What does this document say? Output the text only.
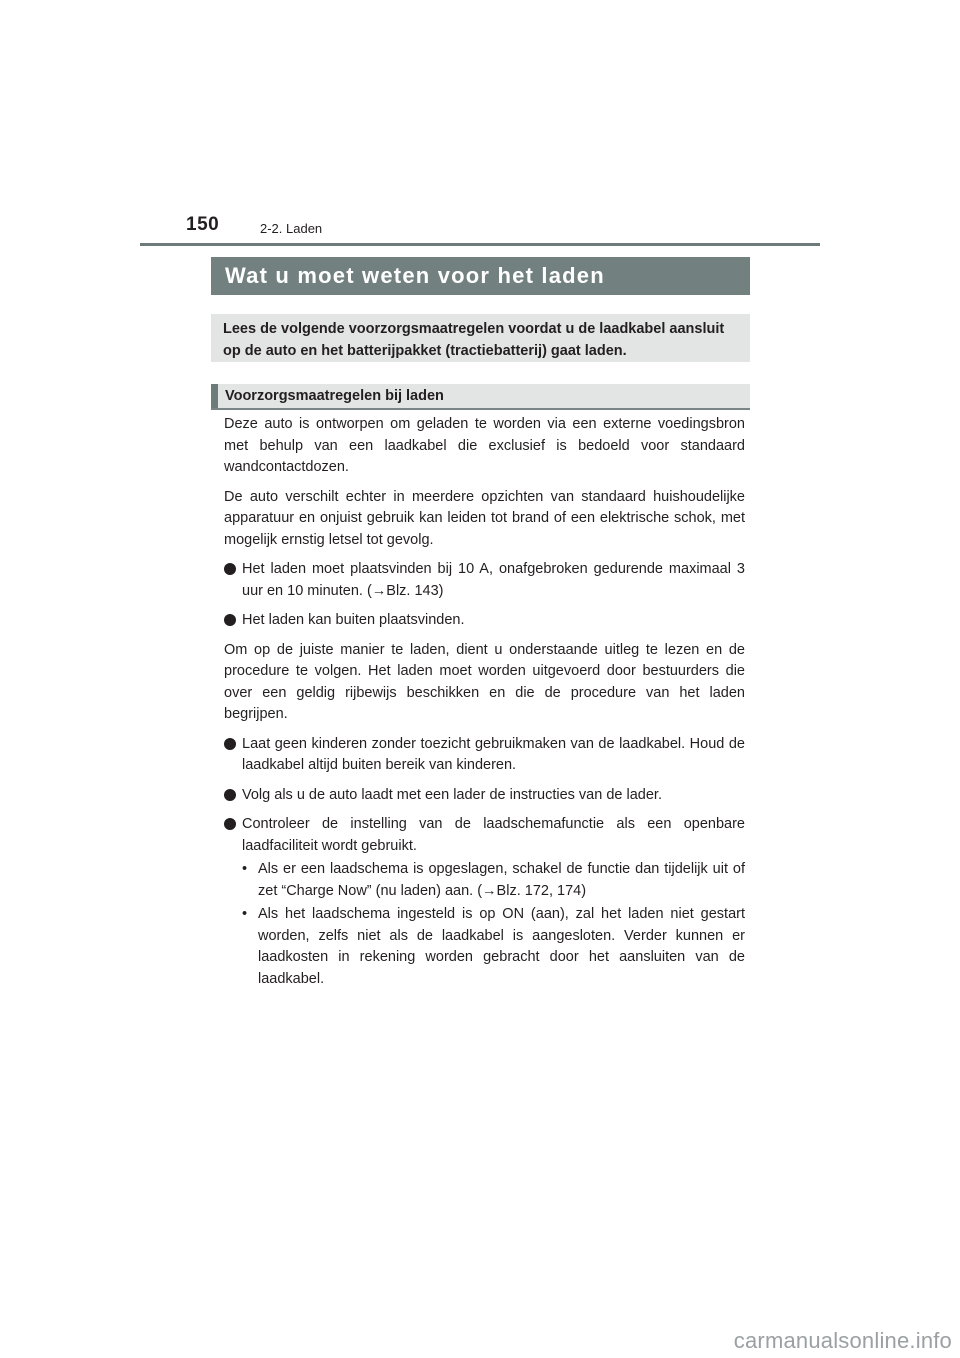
150	2-2. Laden
Wat u moet weten voor het laden
Lees de volgende voorzorgsmaatregelen voordat u de laadkabel aansluit op de auto en het batterijpakket (tractiebatterij) gaat laden.
Voorzorgsmaatregelen bij laden

Deze auto is ontworpen om geladen te worden via een externe voedingsbron met behulp van een laadkabel die exclusief is bedoeld voor standaard wandcontactdozen.

De auto verschilt echter in meerdere opzichten van standaard huishoudelijke apparatuur en onjuist gebruik kan leiden tot brand of een elektrische schok, met mogelijk ernstig letsel tot gevolg.

Het laden moet plaatsvinden bij 10 A, onafgebroken gedurende maximaal 3 uur en 10 minuten. (→Blz. 143)
Het laden kan buiten plaatsvinden.

Om op de juiste manier te laden, dient u onderstaande uitleg te lezen en de procedure te volgen. Het laden moet worden uitgevoerd door bestuurders die over een geldig rijbewijs beschikken en die de procedure van het laden begrijpen.

Laat geen kinderen zonder toezicht gebruikmaken van de laadkabel. Houd de laadkabel altijd buiten bereik van kinderen.
Volg als u de auto laadt met een lader de instructies van de lader.
Controleer de instelling van de laadschemafunctie als een openbare laadfaciliteit wordt gebruikt.
• Als er een laadschema is opgeslagen, schakel de functie dan tijdelijk uit of zet “Charge Now” (nu laden) aan. (→Blz. 172, 174)
• Als het laadschema ingesteld is op ON (aan), zal het laden niet gestart worden, zelfs niet als de laadkabel is aangesloten. Verder kunnen er laadkosten in rekening worden gebracht door het aansluiten van de laadkabel.
carmanualsonline.info
